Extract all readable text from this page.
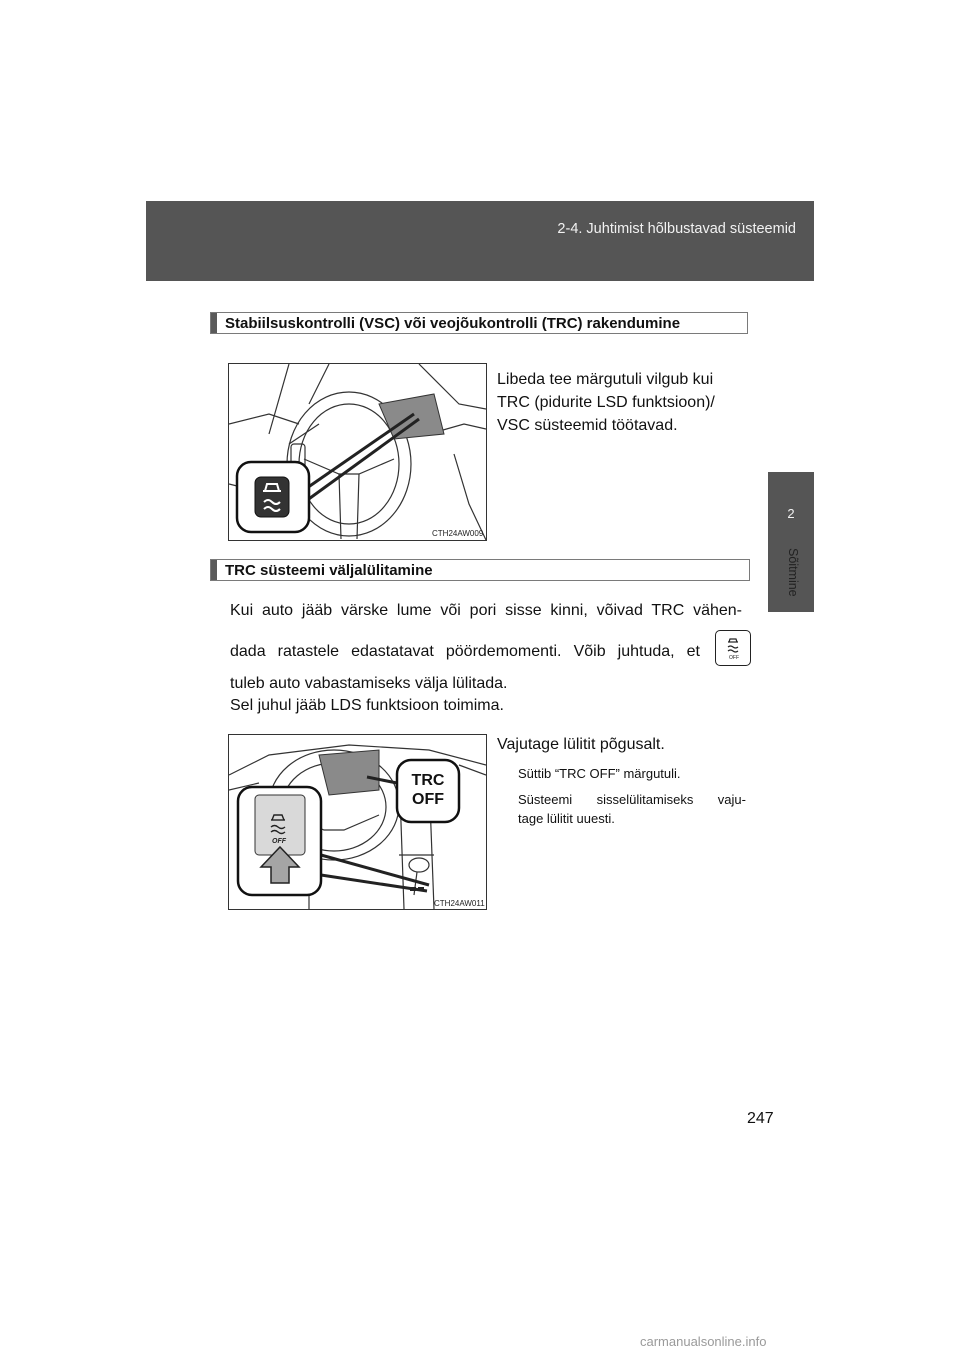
2-4. Juhtimist hõlbustavad süsteemid
2
Sõitmine
Stabiilsuskontrolli (VSC) või veojõukontrolli (TRC) rakendumine
CTH24AW009
Libeda tee märgutuli vilgub kui
TRC (pidurite LSD funktsioon)/
VSC süsteemid töötavad.
TRC süsteemi väljalülitamine
Kui auto jääb värske lume või pori sisse kinni, võivad TRC vähen-
dada ratastele edastatavat pöördemomenti. Võib juhtuda, et	OFF
tuleb auto vabastamiseks välja lülitada.
Sel juhul jääb LDS funktsioon toimima.
Vajutage lülitit põgusalt.
TRC
OFF
OFF
CTH24AW011
Süttib “TRC OFF” märgutuli.
Süsteemi sisselülitamiseks vaju-
tage lülitit uuesti.
247
carmanualsonline.info
